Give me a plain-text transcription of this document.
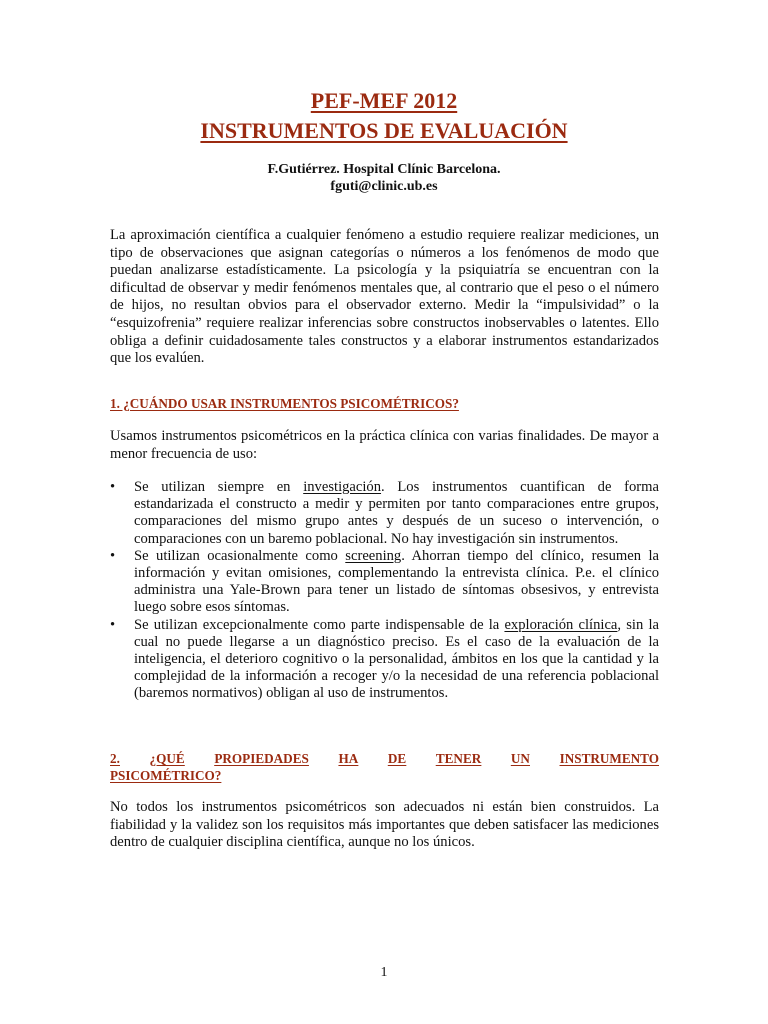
PEF-MEF 2012
INSTRUMENTOS DE EVALUACIÓN
F.Gutiérrez. Hospital Clínic Barcelona.
fguti@clinic.ub.es

La aproximación científica a cualquier fenómeno a estudio requiere realizar mediciones, un tipo de observaciones que asignan categorías o números a los fenómenos de modo que puedan analizarse estadísticamente. La psicología y la psiquiatría se encuentran con la dificultad de observar y medir fenómenos mentales que, al contrario que el peso o el número de hijos, no resultan obvios para el observador externo. Medir la “impulsividad” o la “esquizofrenia” requiere realizar inferencias sobre constructos inobservables o latentes. Ello obliga a definir cuidadosamente tales constructos y a elaborar instrumentos estandarizados que los evalúen.

1. ¿CUÁNDO USAR INSTRUMENTOS PSICOMÉTRICOS?

Usamos instrumentos psicométricos en la práctica clínica con varias finalidades. De mayor a menor frecuencia de uso:

•	Se utilizan siempre en investigación. Los instrumentos cuantifican de forma estandarizada el constructo a medir y permiten por tanto comparaciones entre grupos, comparaciones del mismo grupo antes y después de un suceso o intervención, o comparaciones con un baremo poblacional. No hay investigación sin instrumentos.
•	Se utilizan ocasionalmente como screening. Ahorran tiempo del clínico, resumen la información y evitan omisiones, complementando la entrevista clínica. P.e. el clínico administra una Yale-Brown para tener un listado de síntomas obsesivos, y entrevista luego sobre esos síntomas.
•	Se utilizan excepcionalmente como parte indispensable de la exploración clínica, sin la cual no puede llegarse a un diagnóstico preciso. Es el caso de la evaluación de la inteligencia, el deterioro cognitivo o la personalidad, ámbitos en los que la cantidad y la complejidad de la información a recoger y/o la necesidad de una referencia poblacional (baremos normativos) obligan al uso de instrumentos.
2. ¿QUÉ PROPIEDADES HA DE TENER UN INSTRUMENTO
PSICOMÉTRICO?

No todos los instrumentos psicométricos son adecuados ni están bien construidos. La fiabilidad y la validez son los requisitos más importantes que deben satisfacer las mediciones dentro de cualquier disciplina científica, aunque no los únicos.

1
